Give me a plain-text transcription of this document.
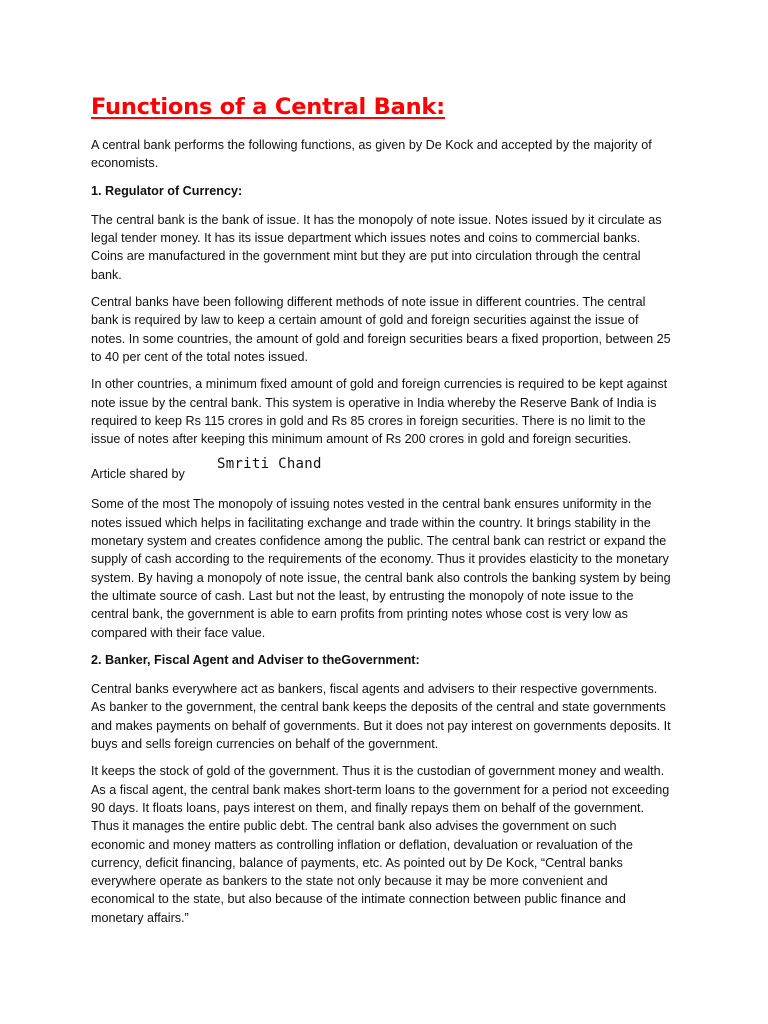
Functions of a Central Bank:

A central bank performs the following functions, as given by De Kock and accepted by the majority of economists.

1. Regulator of Currency:

The central bank is the bank of issue. It has the monopoly of note issue. Notes issued by it circulate as legal tender money. It has its issue department which issues notes and coins to commercial banks. Coins are manufactured in the government mint but they are put into circulation through the central bank.

Central banks have been following different methods of note issue in different countries. The central bank is required by law to keep a certain amount of gold and foreign securities against the issue of notes. In some countries, the amount of gold and foreign securities bears a fixed proportion, between 25 to 40 per cent of the total notes issued.

In other countries, a minimum fixed amount of gold and foreign currencies is required to be kept against note issue by the central bank. This system is operative in India whereby the Reserve Bank of India is required to keep Rs 115 crores in gold and Rs 85 crores in foreign securities. There is no limit to the issue of notes after keeping this minimum amount of Rs 200 crores in gold and foreign securities.

Article shared by
Smriti Chand

Some of the most The monopoly of issuing notes vested in the central bank ensures uniformity in the notes issued which helps in facilitating exchange and trade within the country. It brings stability in the monetary system and creates confidence among the public. The central bank can restrict or expand the supply of cash according to the requirements of the economy. Thus it provides elasticity to the monetary system. By having a monopoly of note issue, the central bank also controls the banking system by being the ultimate source of cash. Last but not the least, by entrusting the monopoly of note issue to the central bank, the government is able to earn profits from printing notes whose cost is very low as compared with their face value.

2. Banker, Fiscal Agent and Adviser to theGovernment:

Central banks everywhere act as bankers, fiscal agents and advisers to their respective governments. As banker to the government, the central bank keeps the deposits of the central and state governments and makes payments on behalf of governments. But it does not pay interest on governments deposits. It buys and sells foreign currencies on behalf of the government.

It keeps the stock of gold of the government. Thus it is the custodian of government money and wealth. As a fiscal agent, the central bank makes short-term loans to the government for a period not exceeding 90 days. It floats loans, pays interest on them, and finally repays them on behalf of the government. Thus it manages the entire public debt. The central bank also advises the government on such economic and money matters as controlling inflation or deflation, devaluation or revaluation of the currency, deficit financing, balance of payments, etc. As pointed out by De Kock, “Central banks everywhere operate as bankers to the state not only because it may be more convenient and economical to the state, but also because of the intimate connection between public finance and monetary affairs.”
